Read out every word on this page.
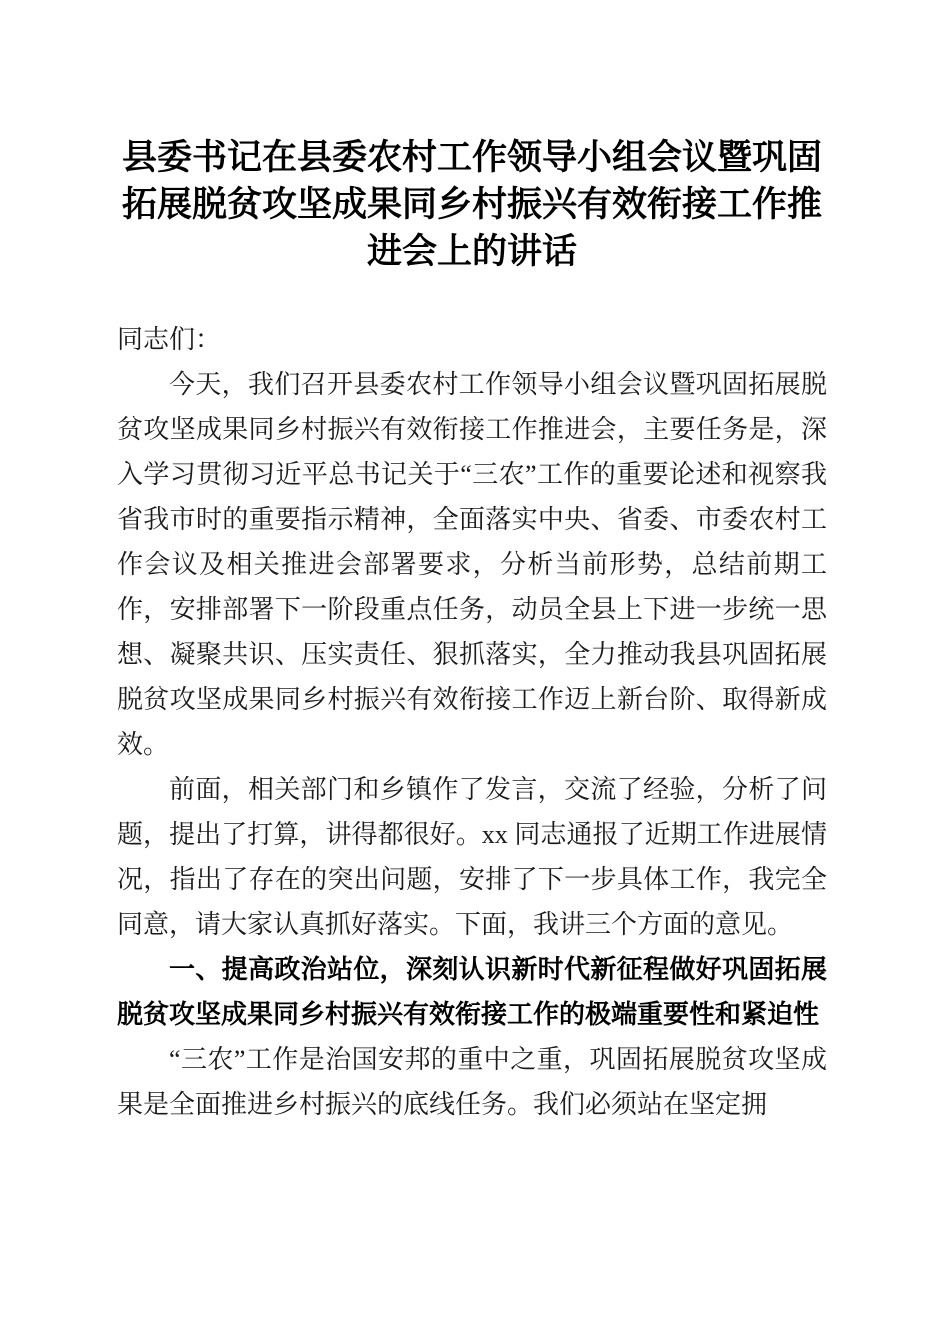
县委书记在县委农村工作领导小组会议暨巩固拓展脱贫攻坚成果同乡村振兴有效衔接工作推进会上的讲话

同志们：

今天，我们召开县委农村工作领导小组会议暨巩固拓展脱贫攻坚成果同乡村振兴有效衔接工作推进会，主要任务是，深入学习贯彻习近平总书记关于“三农”工作的重要论述和视察我省我市时的重要指示精神，全面落实中央、省委、市委农村工作会议及相关推进会部署要求，分析当前形势，总结前期工作，安排部署下一阶段重点任务，动员全县上下进一步统一思想、凝聚共识、压实责任、狠抓落实，全力推动我县巩固拓展脱贫攻坚成果同乡村振兴有效衔接工作迈上新台阶、取得新成效。

前面，相关部门和乡镇作了发言，交流了经验，分析了问题，提出了打算，讲得都很好。xx 同志通报了近期工作进展情况，指出了存在的突出问题，安排了下一步具体工作，我完全同意，请大家认真抓好落实。下面，我讲三个方面的意见。

一、提高政治站位，深刻认识新时代新征程做好巩固拓展脱贫攻坚成果同乡村振兴有效衔接工作的极端重要性和紧迫性

“三农”工作是治国安邦的重中之重，巩固拓展脱贫攻坚成果是全面推进乡村振兴的底线任务。我们必须站在坚定拥
